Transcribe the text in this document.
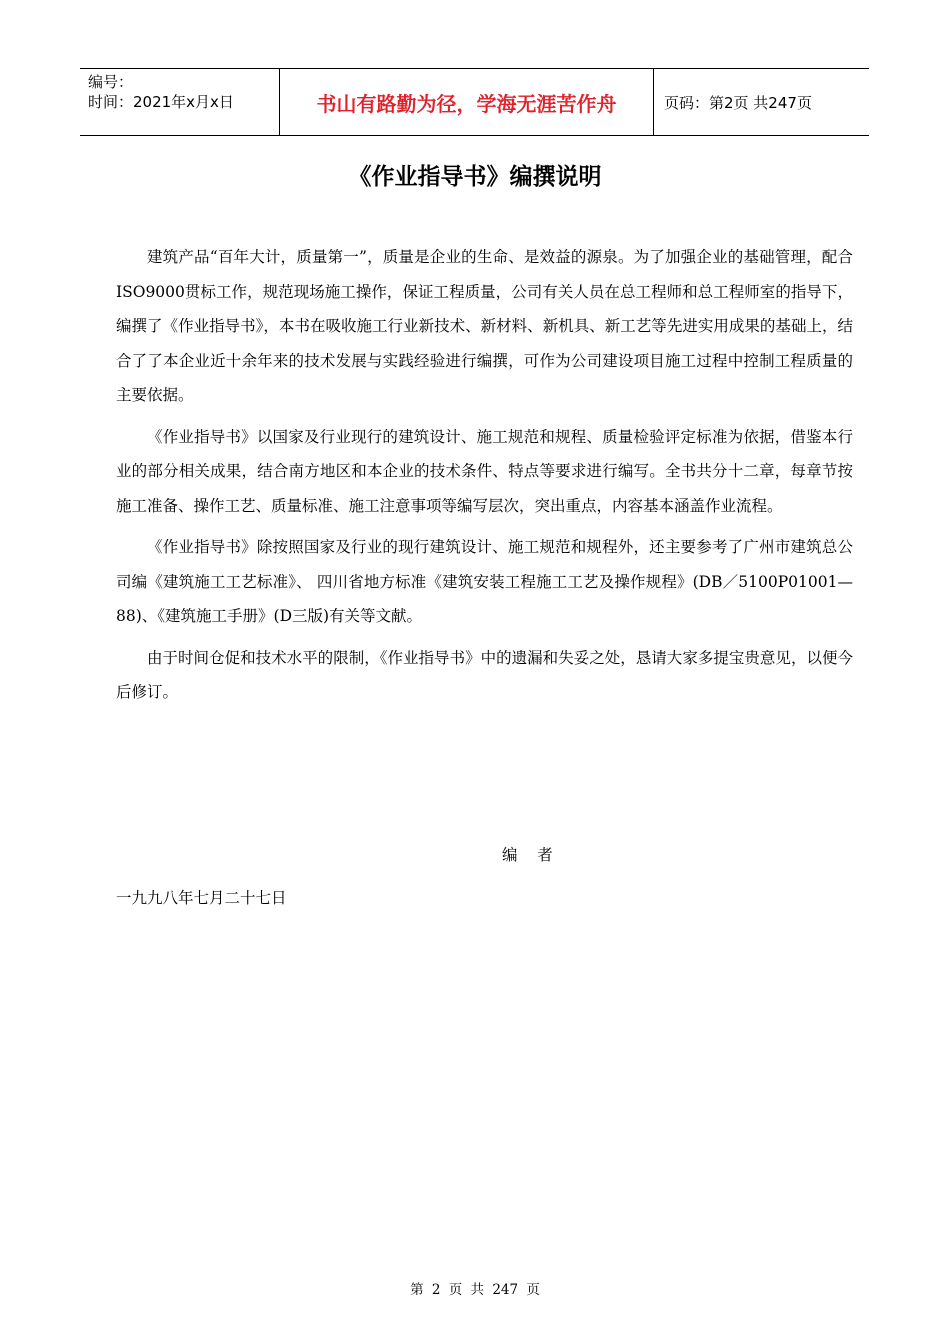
编号：
时间：2021年x月x日	书山有路勤为径，学海无涯苦作舟	页码：第2页 共247页
《作业指导书》编撰说明

建筑产品“百年大计，质量第一”，质量是企业的生命、是效益的源泉。为了加强企业的基础管理，配合ISO9000贯标工作，规范现场施工操作，保证工程质量，公司有关人员在总工程师和总工程师室的指导下，编撰了《作业指导书》，本书在吸收施工行业新技术、新材料、新机具、新工艺等先进实用成果的基础上，结合了了本企业近十余年来的技术发展与实践经验进行编撰，可作为公司建设项目施工过程中控制工程质量的主要依据。

《作业指导书》以国家及行业现行的建筑设计、施工规范和规程、质量检验评定标准为依据，借鉴本行业的部分相关成果，结合南方地区和本企业的技术条件、特点等要求进行编写。全书共分十二章，每章节按施工准备、操作工艺、质量标准、施工注意事项等编写层次，突出重点，内容基本涵盖作业流程。

《作业指导书》除按照国家及行业的现行建筑设计、施工规范和规程外，还主要参考了广州市建筑总公司编《建筑施工工艺标准》、 四川省地方标准《建筑安装工程施工工艺及操作规程》(DB／5100P01001—88)、《建筑施工手册》(D三版)有关等文献。

由于时间仓促和技术水平的限制，《作业指导书》中的遗漏和失妥之处，恳请大家多提宝贵意见，以便今后修订。

编    者
一九九八年七月二十七日
第 2 页 共 247 页
